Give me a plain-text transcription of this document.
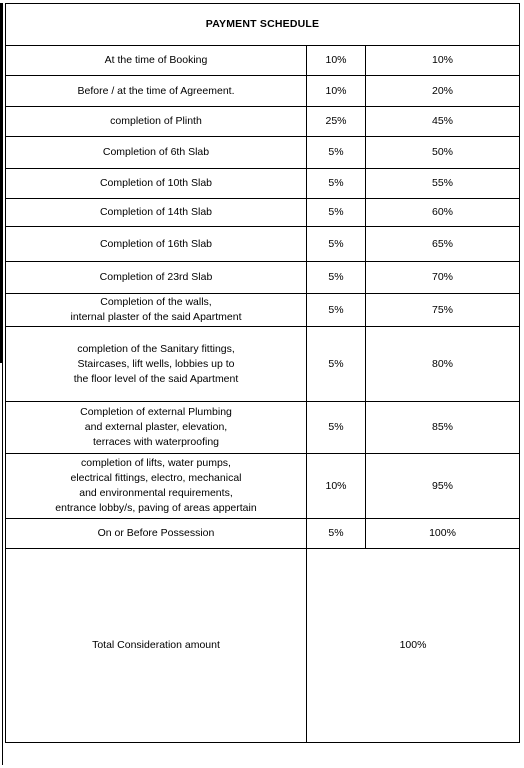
PAYMENT SCHEDULE		

At the time of Booking	10%	10%

Before / at the time of Agreement.	10%	20%

completion of Plinth	25%	45%

Completion of 6th Slab	5%	50%

Completion of 10th Slab	5%	55%

Completion of 14th Slab	5%	60%

Completion of 16th Slab	5%	65%

Completion of 23rd Slab	5%	70%

Completion of the walls,
internal plaster of the said Apartment	5%	75%

completion of the Sanitary fittings,
Staircases, lift wells, lobbies up to
the floor level of the said Apartment	5%	80%

Completion of external Plumbing
and external plaster, elevation,
terraces with waterproofing	5%	85%

completion of lifts, water pumps,
electrical fittings, electro, mechanical
and environmental requirements,
entrance lobby/s, paving of areas appertain	10%	95%

On or Before Possession	5%	100%
Total Consideration amount	100%	
